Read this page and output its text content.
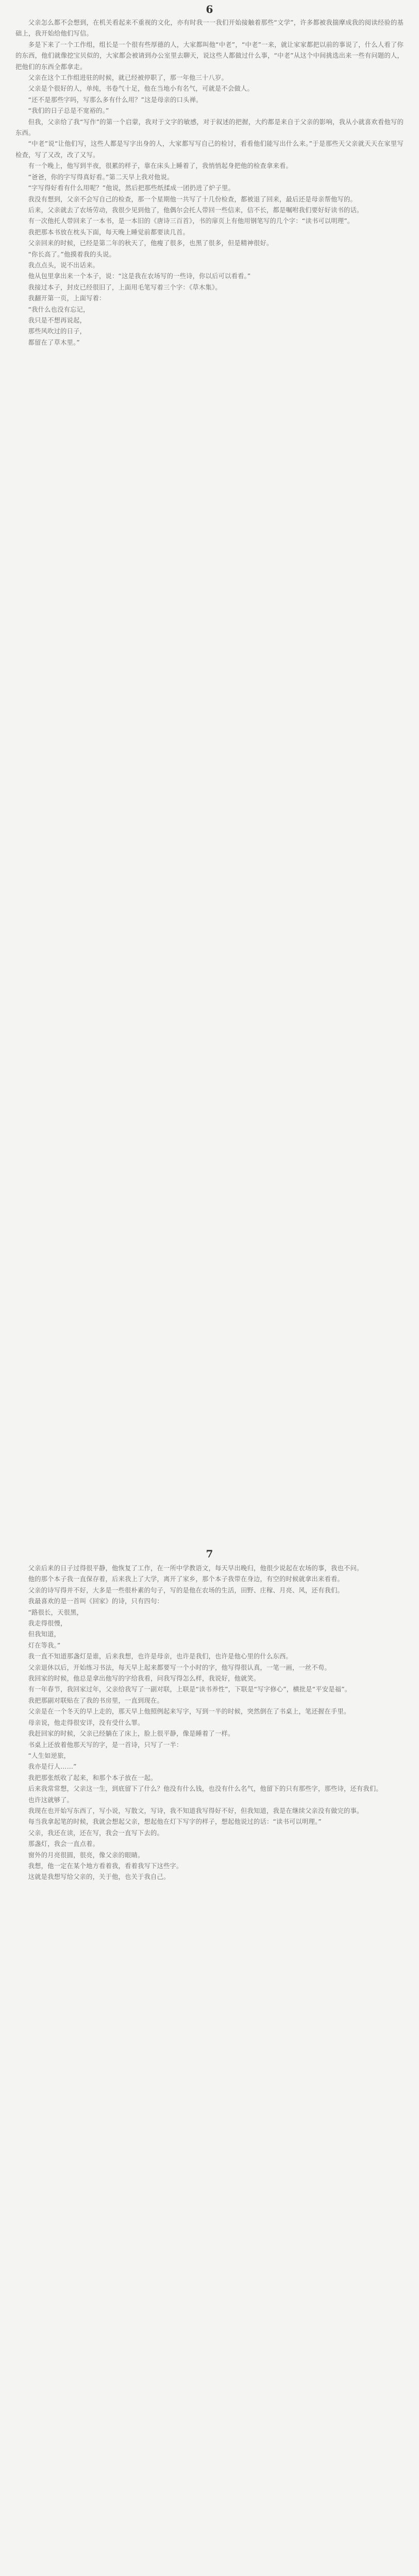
6

父亲怎么都不会想到，在机关看起来不重视的文化，亦有时我一一我们开始接触着那些“文学”，许多都被我揣摩成我的阅读经验的基础上，我开始给他们写信。

多是下来了一个工作组，组长是一个很有些厚德的人，大家都叫他“中老”，“中老”一来，就让家家都把以前的事说了，什么人看了你的东西，他们就像挖宝贝似的，大家都会被请到办公室里去聊天，说这些人都做过什么事，“中老”从这个中间挑选出来一些有问题的人，把他们的东西全都拿走。

父亲在这个工作组进驻的时候，就已经被停职了，那一年他三十八岁。

父亲是个很好的人，单纯，书卷气十足，他在当地小有名气，可就是不会做人。

“还不是那些字吗，写那么多有什么用？”这是母亲的口头禅。

“我们的日子总是不宽裕的。”

但我，父亲给了我“写作”的第一个启蒙，我对于文字的敏感，对于叙述的把握，大约都是来自于父亲的影响，我从小就喜欢看他写的东西。

“中老”说“让他们写，这些人都是写字出身的人，大家都写写自己的检讨，看看他们能写出什么来。”于是那些天父亲就天天在家里写检查，写了又改，改了又写。

有一个晚上，他写到半夜，很累的样子，靠在床头上睡着了，我悄悄起身把他的检查拿来看。

“爸爸，你的字写得真好看。”第二天早上我对他说。

“字写得好看有什么用呢？”他说，然后把那些纸揉成一团扔进了炉子里。

我没有想到，父亲不会写自己的检查，那一个星期他一共写了十几份检查，都被退了回来，最后还是母亲帮他写的。

后来，父亲就去了农场劳动，我很少见到他了，他偶尔会托人带回一些信来，信不长，都是嘱咐我们要好好读书的话。

有一次他托人带回来了一本书，是一本旧的《唐诗三百首》，书的扉页上有他用钢笔写的几个字：“读书可以明理”。

我把那本书放在枕头下面，每天晚上睡觉前都要读几首。

父亲回来的时候，已经是第二年的秋天了，他瘦了很多，也黑了很多，但是精神很好。

“你长高了。”他摸着我的头说。

我点点头，说不出话来。

他从包里拿出来一个本子，说：“这是我在农场写的一些诗，你以后可以看看。”

我接过本子，封皮已经很旧了，上面用毛笔写着三个字：《草木集》。

我翻开第一页，上面写着：

“我什么也没有忘记，

我只是不想再说起，

那些风吹过的日子，

都留在了草木里。”

7

父亲后来的日子过得很平静，他恢复了工作，在一所中学教语文，每天早出晚归，他很少说起在农场的事，我也不问。

他的那个本子我一直保存着，后来我上了大学，离开了家乡，那个本子我带在身边，有空的时候就拿出来看看。

父亲的诗写得并不好，大多是一些很朴素的句子，写的是他在农场的生活，田野、庄稼、月亮、风，还有我们。

我最喜欢的是一首叫《回家》的诗，只有四句：

“路很长，天很黑，

我走得很慢，

但我知道，

灯在等我。”

我一直不知道那盏灯是谁，后来我想，也许是母亲，也许是我们，也许是他心里的什么东西。

父亲退休以后，开始练习书法，每天早上起来都要写一个小时的字，他写得很认真，一笔一画，一丝不苟。

我回家的时候，他总是拿出他写的字给我看，问我写得怎么样，我说好，他就笑。

有一年春节，我回家过年，父亲给我写了一副对联，上联是“读书养性”，下联是“写字修心”，横批是“平安是福”。

我把那副对联贴在了我的书房里，一直到现在。

父亲是在一个冬天的早上走的，那天早上他照例起来写字，写到一半的时候，突然倒在了书桌上，笔还握在手里。

母亲说，他走得很安详，没有受什么罪。

我赶回家的时候，父亲已经躺在了床上，脸上很平静，像是睡着了一样。

书桌上还放着他那天写的字，是一首诗，只写了一半：

“人生如逆旅，

我亦是行人……”

我把那张纸收了起来，和那个本子放在一起。

后来我常常想，父亲这一生，到底留下了什么？他没有什么钱，也没有什么名气，他留下的只有那些字，那些诗，还有我们。

也许这就够了。

我现在也开始写东西了，写小说，写散文，写诗，我不知道我写得好不好，但我知道，我是在继续父亲没有做完的事。

每当我拿起笔的时候，我就会想起父亲，想起他在灯下写字的样子，想起他说过的话：“读书可以明理。”

父亲，我还在读，还在写，我会一直写下去的。

那盏灯，我会一直点着。

窗外的月亮很圆，很亮，像父亲的眼睛。

我想，他一定在某个地方看着我，看着我写下这些字。

这就是我想写给父亲的，关于他，也关于我自己。
